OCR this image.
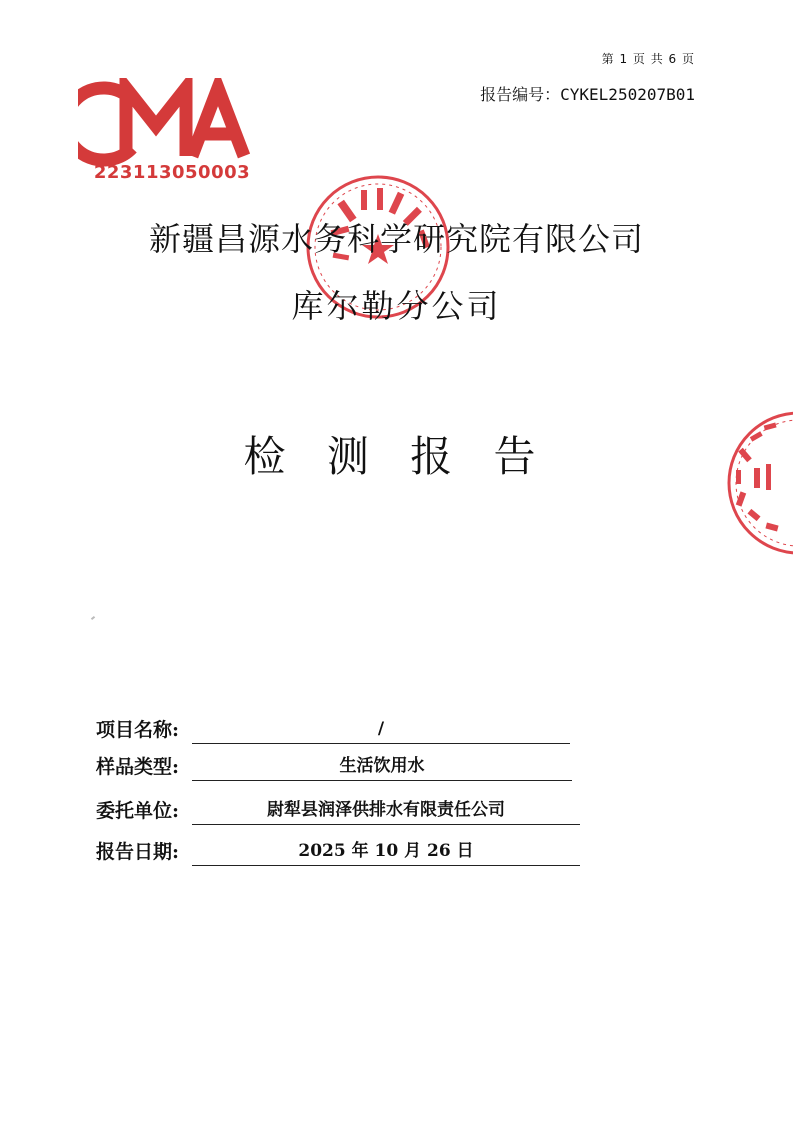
第 1 页 共 6 页
报告编号：CYKEL250207B01
223113050003
新疆昌源水务科学研究院有限公司
库尔勒分公司
检 测 报 告
项目名称:	/
样品类型:	生活饮用水
委托单位:	尉犁县润泽供排水有限责任公司
报告日期:	2025 年 10 月 26 日
